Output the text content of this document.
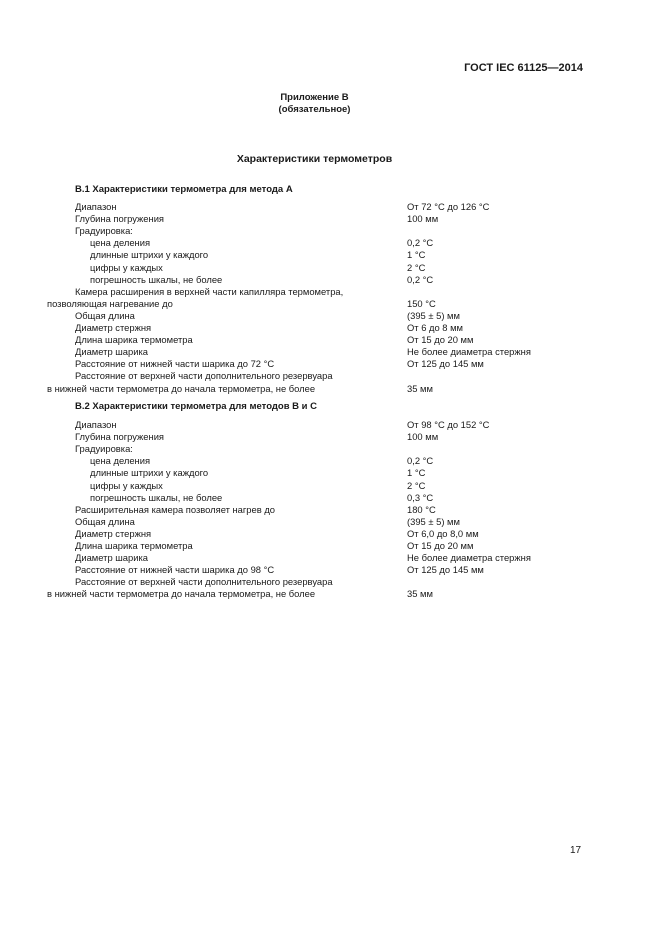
ГОСТ IEC 61125—2014
Приложение В
(обязательное)
Характеристики термометров
В.1 Характеристики термометра для метода А
Диапазон	От 72 °С до 126 °С
Глубина погружения	100 мм
Градуировка:
цена деления	0,2 °С
длинные штрихи у каждого	1 °С
цифры у каждых	2 °С
погрешность шкалы, не более	0,2 °С
Камера расширения в верхней части капилляра термометра,
позволяющая нагревание до	150 °С
Общая длина	(395 ± 5) мм
Диаметр стержня	От 6 до 8 мм
Длина шарика термометра	От 15 до 20 мм
Диаметр шарика	Не более диаметра стержня
Расстояние от нижней части шарика до 72 °С	От 125 до 145 мм
Расстояние от верхней части дополнительного резервуара
в нижней части термометра до начала термометра, не более	35 мм
В.2 Характеристики термометра для методов В и С
Диапазон	От 98 °С до 152 °С
Глубина погружения	100 мм
Градуировка:
цена деления	0,2 °С
длинные штрихи у каждого	1 °С
цифры у каждых	2 °С
погрешность шкалы, не более	0,3 °С
Расширительная камера позволяет нагрев до	180 °С
Общая длина	(395 ± 5) мм
Диаметр стержня	От 6,0 до 8,0 мм
Длина шарика термометра	От 15 до 20 мм
Диаметр шарика	Не более диаметра стержня
Расстояние от нижней части шарика до 98 °С	От 125 до 145 мм
Расстояние от верхней части дополнительного резервуара
в нижней части термометра до начала термометра, не более	35 мм
17
